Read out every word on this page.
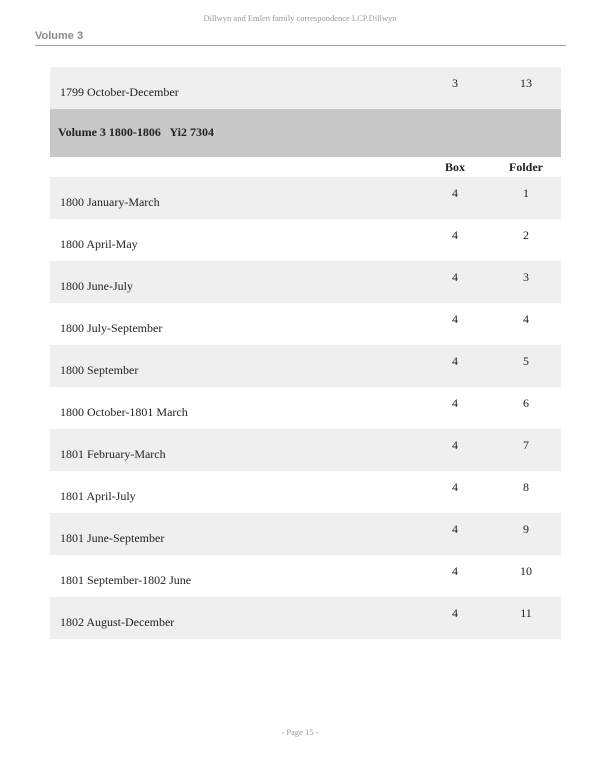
Dillwyn and Emlen family correspondence LCP.Dillwyn
Volume 3
1799 October-December
3	13
Volume 3 1800-1806   Yi2 7304
Box	Folder
1800 January-March
4	1
1800 April-May
4	2
1800 June-July
4	3
1800 July-September
4	4
1800 September
4	5
1800 October-1801 March
4	6
1801 February-March
4	7
1801 April-July
4	8
1801 June-September
4	9
1801 September-1802 June
4	10
1802 August-December
4	11
- Page 15 -
